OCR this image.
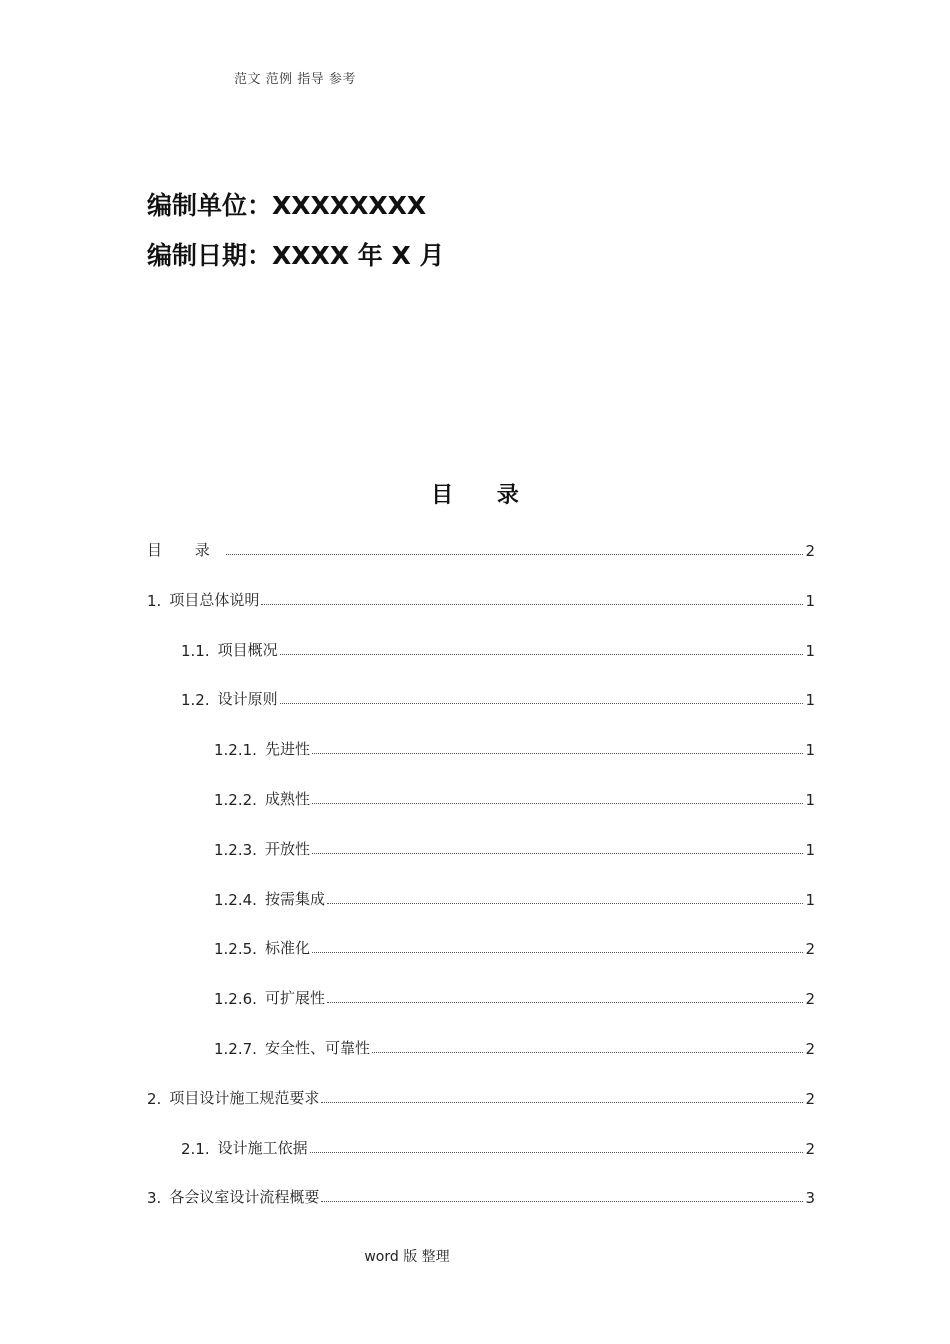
范文 范例 指导 参考
编制单位：XXXXXXXX
编制日期：XXXX 年 X 月
目 录
目 录	2
1. 项目总体说明	1
1.1. 项目概况	1
1.2. 设计原则	1
1.2.1. 先进性	1
1.2.2. 成熟性	1
1.2.3. 开放性	1
1.2.4. 按需集成	1
1.2.5. 标准化	2
1.2.6. 可扩展性	2
1.2.7. 安全性、可靠性	2
2. 项目设计施工规范要求	2
2.1. 设计施工依据	2
3. 各会议室设计流程概要	3
word 版 整理
